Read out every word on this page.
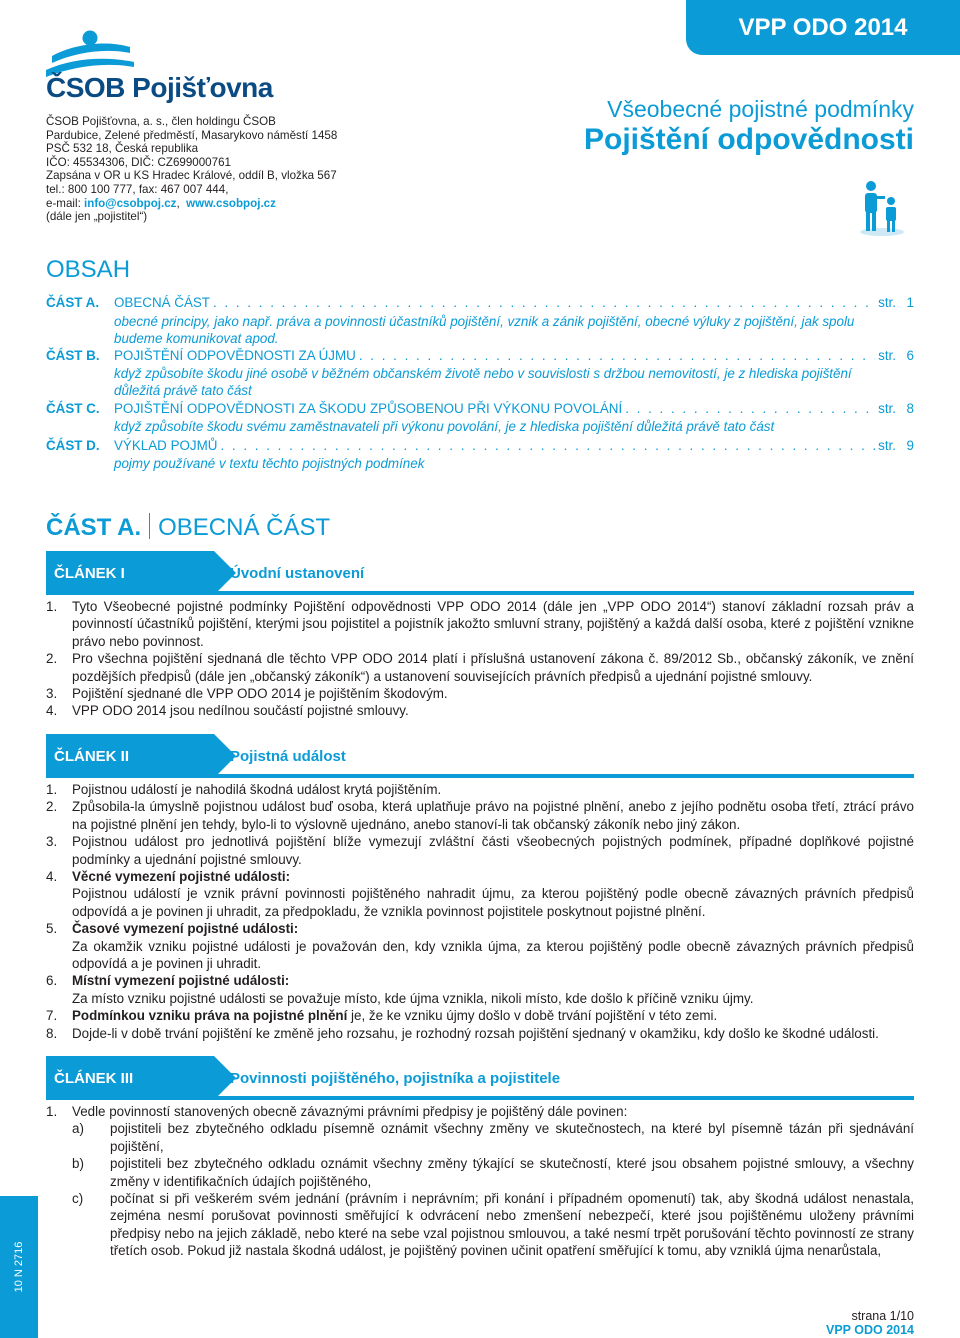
ČSOB Pojišťovna
ČSOB Pojišťovna, a. s., člen holdingu ČSOB
Pardubice, Zelené předměstí, Masarykovo náměstí 1458
PSČ 532 18, Česká republika
IČO: 45534306, DIČ: CZ699000761
Zapsána v OR u KS Hradec Králové, oddíl B, vložka 567
tel.: 800 100 777, fax: 467 007 444,
e-mail: info@csobpoj.cz,  www.csobpoj.cz
(dále jen „pojistitel“)
VPP ODO 2014
Všeobecné pojistné podmínky
Pojištění odpovědnosti
OBSAH
ČÁST A.	OBECNÁ ČÁST . . .	str. 1
obecné principy, jako např. práva a povinnosti účastníků pojištění, vznik a zánik pojištění, obecné výluky z pojištění, jak spolu budeme komunikovat apod.
ČÁST B.	POJIŠTĚNÍ ODPOVĚDNOSTI ZA ÚJMU . . .	str. 6
když způsobíte škodu jiné osobě v běžném občanském životě nebo v souvislosti s držbou nemovitostí, je z hlediska pojištění důležitá právě tato část
ČÁST C.	POJIŠTĚNÍ ODPOVĚDNOSTI ZA ŠKODU ZPŮSOBENOU PŘI VÝKONU POVOLÁNÍ . . .	str. 8
když způsobíte škodu svému zaměstnavateli při výkonu povolání, je z hlediska pojištění důležitá právě tato část
ČÁST D.	VÝKLAD POJMŮ . . .	str. 9
pojmy používané v textu těchto pojistných podmínek
ČÁST A. OBECNÁ ČÁST
ČLÁNEK I	Úvodní ustanovení
1. Tyto Všeobecné pojistné podmínky Pojištění odpovědnosti VPP ODO 2014 (dále jen „VPP ODO 2014“) stanoví základní rozsah práv a povinností účastníků pojištění, kterými jsou pojistitel a pojistník jakožto smluvní strany, pojištěný a každá další osoba, které z pojištění vznikne právo nebo povinnost.
2. Pro všechna pojištění sjednaná dle těchto VPP ODO 2014 platí i příslušná ustanovení zákona č. 89/2012 Sb., občanský zákoník, ve znění pozdějších předpisů (dále jen „občanský zákoník“) a ustanovení souvisejících právních předpisů a ujednání pojistné smlouvy.
3. Pojištění sjednané dle VPP ODO 2014 je pojištěním škodovým.
4. VPP ODO 2014 jsou nedílnou součástí pojistné smlouvy.
ČLÁNEK II	Pojistná událost
1. Pojistnou událostí je nahodilá škodná událost krytá pojištěním.
2. Způsobila-la úmyslně pojistnou událost buď osoba, která uplatňuje právo na pojistné plnění, anebo z jejího podnětu osoba třetí, ztrácí právo na pojistné plnění jen tehdy, bylo-li to výslovně ujednáno, anebo stanoví-li tak občanský zákoník nebo jiný zákon.
3. Pojistnou událost pro jednotlivá pojištění blíže vymezují zvláštní části všeobecných pojistných podmínek, případné doplňkové pojistné podmínky a ujednání pojistné smlouvy.
4. Věcné vymezení pojistné události:
Pojistnou událostí je vznik právní povinnosti pojištěného nahradit újmu, za kterou pojištěný podle obecně závazných právních předpisů odpovídá a je povinen ji uhradit, za předpokladu, že vznikla povinnost pojistitele poskytnout pojistné plnění.
5. Časové vymezení pojistné události:
Za okamžik vzniku pojistné události je považován den, kdy vznikla újma, za kterou pojištěný podle obecně závazných právních předpisů odpovídá a je povinen ji uhradit.
6. Místní vymezení pojistné události:
Za místo vzniku pojistné události se považuje místo, kde újma vznikla, nikoli místo, kde došlo k příčině vzniku újmy.
7. Podmínkou vzniku práva na pojistné plnění je, že ke vzniku újmy došlo v době trvání pojištění v této zemi.
8. Dojde-li v době trvání pojištění ke změně jeho rozsahu, je rozhodný rozsah pojištění sjednaný v okamžiku, kdy došlo ke škodné události.
ČLÁNEK III	Povinnosti pojištěného, pojistníka a pojistitele
1. Vedle povinností stanovených obecně závaznými právními předpisy je pojištěný dále povinen:
a) pojistiteli bez zbytečného odkladu písemně oznámit všechny změny ve skutečnostech, na které byl písemně tázán při sjednávání pojištění,
b) pojistiteli bez zbytečného odkladu oznámit všechny změny týkající se skutečností, které jsou obsahem pojistné smlouvy, a všechny změny v identifikačních údajích pojištěného,
c) počínat si při veškerém svém jednání (právním i neprávním; při konání i případném opomenutí) tak, aby škodná událost nenastala, zejména nesmí porušovat povinnosti směřující k odvrácení nebo zmenšení nebezpečí, které jsou pojištěnému uloženy právními předpisy nebo na jejich základě, nebo které na sebe vzal pojistnou smlouvou, a také nesmí trpět porušování těchto povinností ze strany třetích osob. Pokud již nastala škodná událost, je pojištěný povinen učinit opatření směřující k tomu, aby vzniklá újma nenarůstala,
10 N 2716
strana 1/10
VPP ODO 2014
